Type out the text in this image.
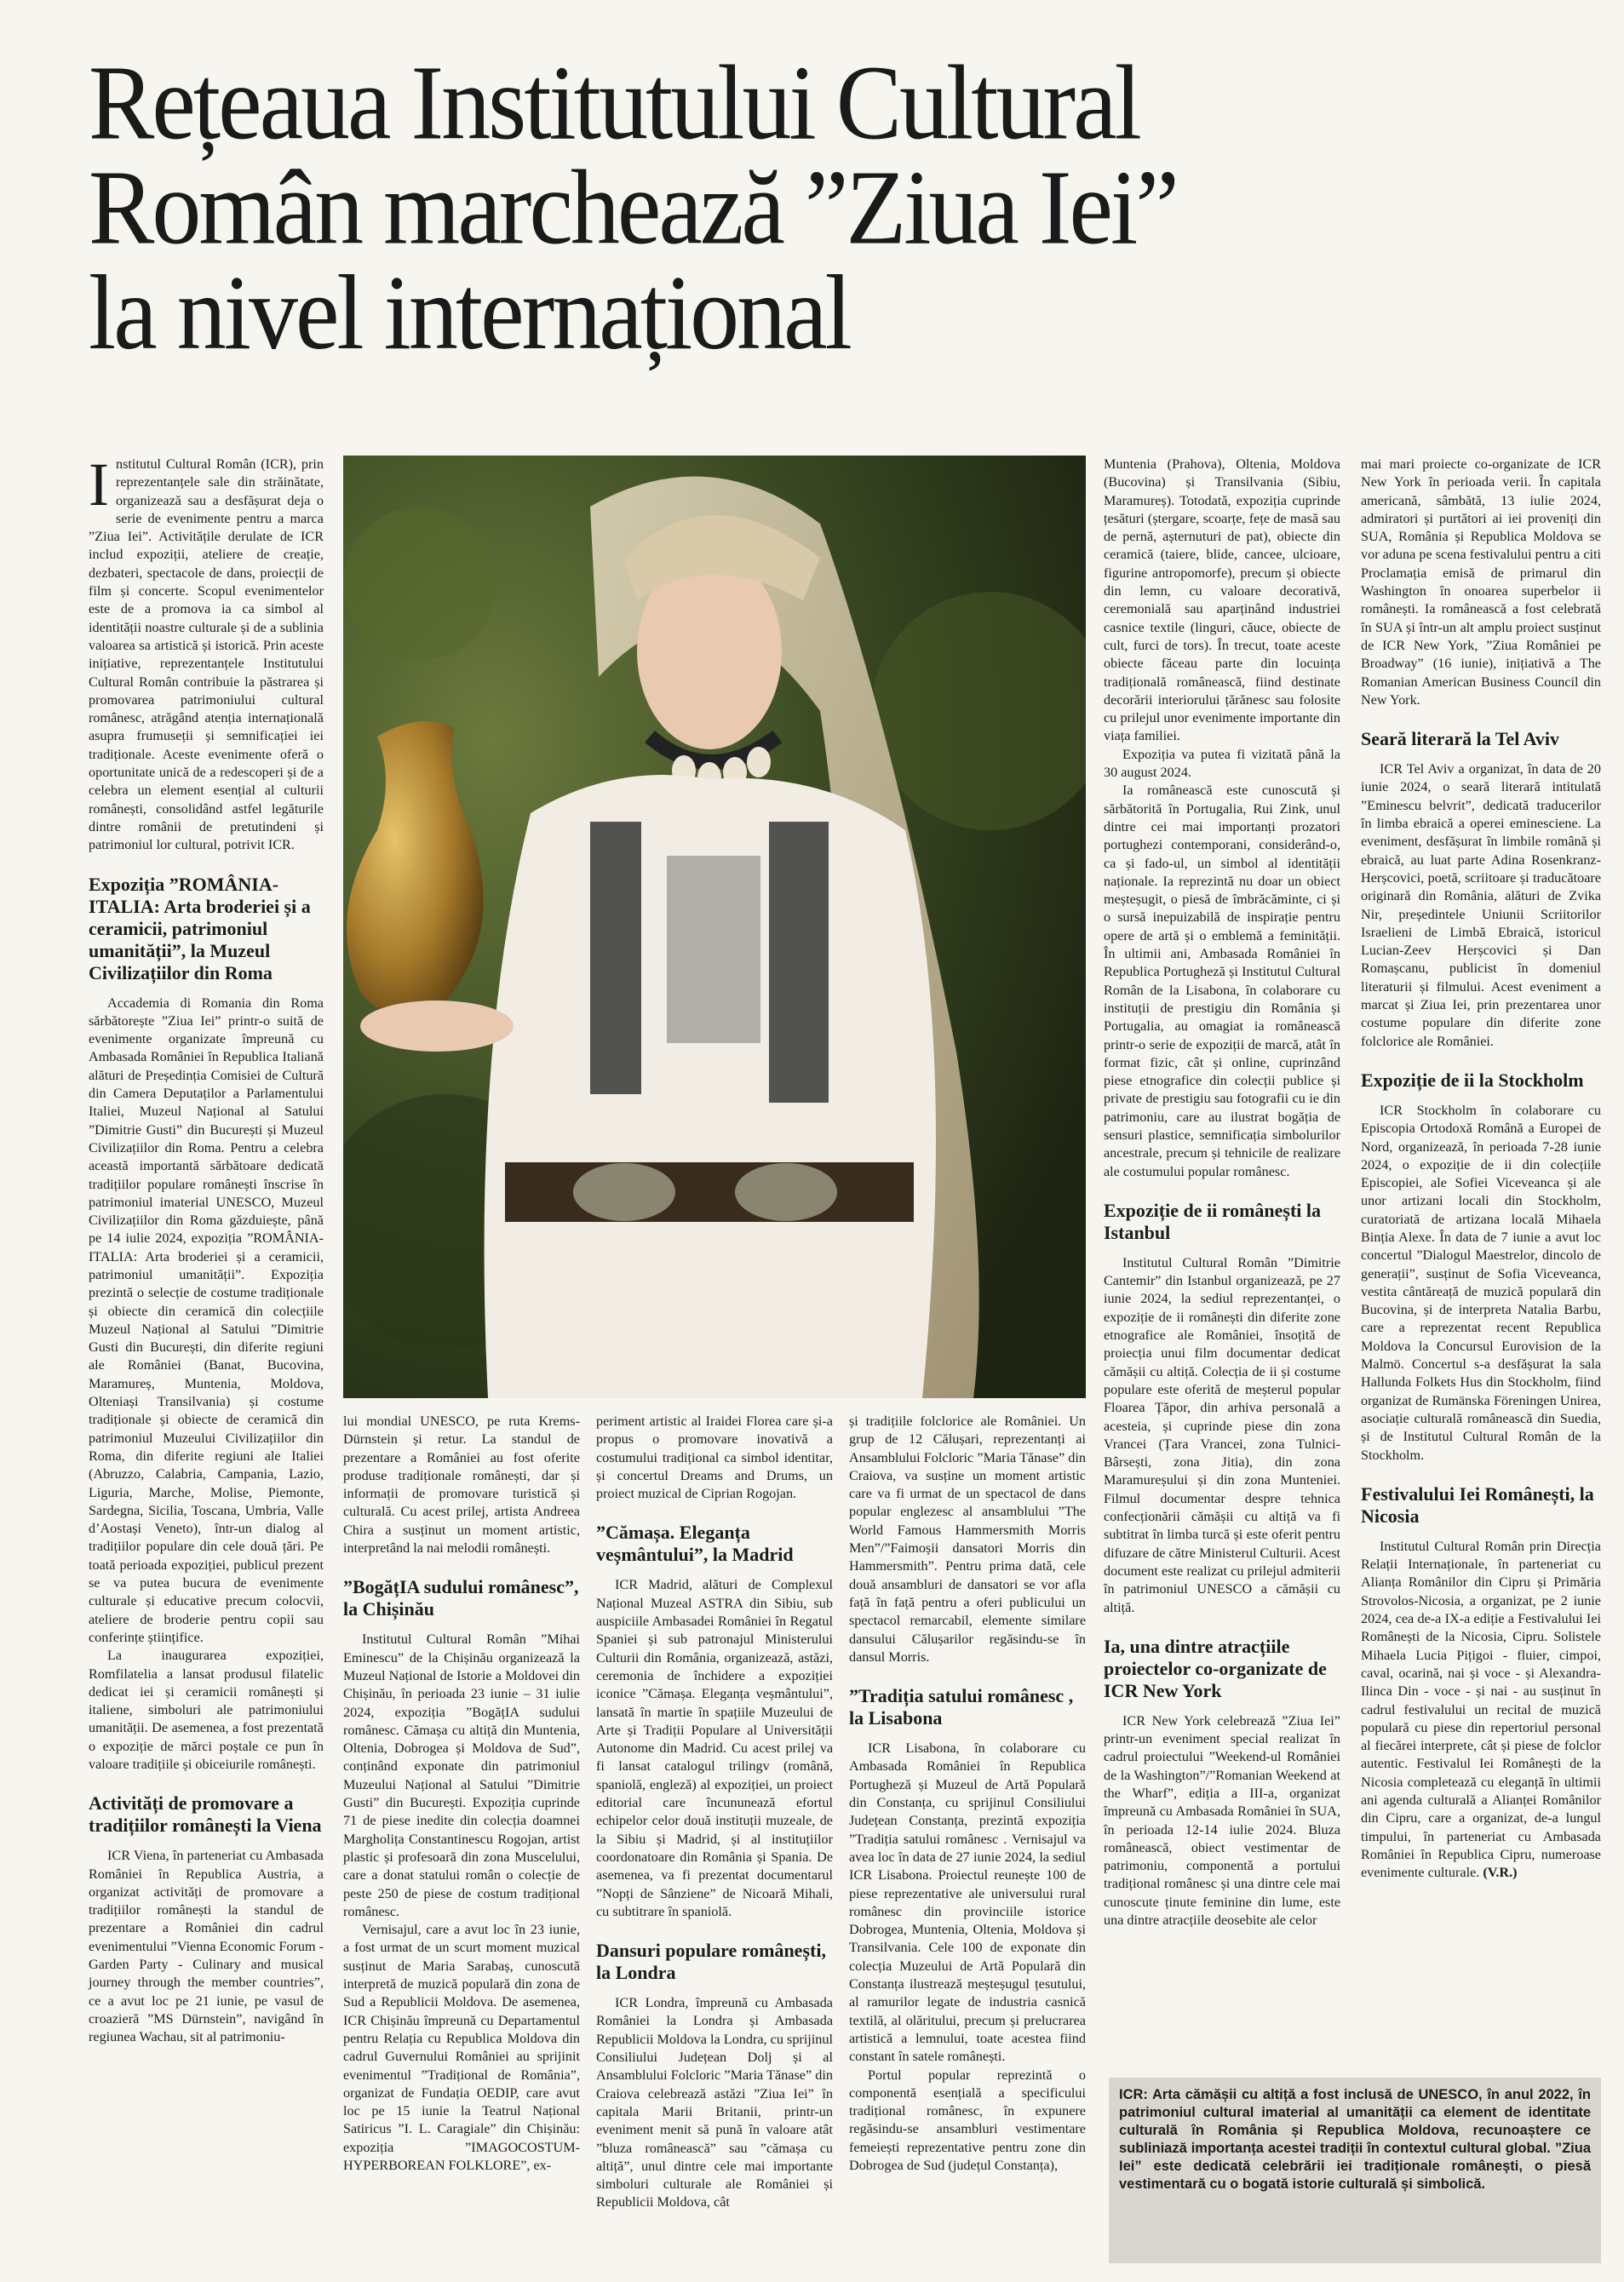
Rețeaua Institutului Cultural
Român marchează ”Ziua Iei”
la nivel internațional

Institutul Cultural Român (ICR), prin reprezentanțele sale din străinătate, organizează sau a desfășurat deja o serie de evenimente pentru a marca ”Ziua Iei”. Activitățile derulate de ICR includ expoziții, ateliere de creație, dezbateri, spectacole de dans, proiecții de film și concerte. Scopul evenimentelor este de a promova ia ca simbol al identității noastre culturale și de a sublinia valoarea sa artistică și istorică. Prin aceste inițiative, reprezentanțele Institutului Cultural Român contribuie la păstrarea și promovarea patrimoniului cultural românesc, atrăgând atenția internațională asupra frumuseții și semnificației iei tradiționale. Aceste evenimente oferă o oportunitate unică de a redescoperi și de a celebra un element esențial al culturii românești, consolidând astfel legăturile dintre românii de pretutindeni și patrimoniul lor cultural, potrivit ICR.

Expoziția ”ROMÂNIA-ITALIA: Arta broderiei și a ceramicii, patrimoniul umanității”, la Muzeul Civilizațiilor din Roma

Accademia di Romania din Roma sărbătorește ”Ziua Iei” printr-o suită de evenimente organizate împreună cu Ambasada României în Republica Italiană alături de Președinția Comisiei de Cultură din Camera Deputaților a Parlamentului Italiei, Muzeul Național al Satului ”Dimitrie Gusti” din București și Muzeul Civilizațiilor din Roma. Pentru a celebra această importantă sărbătoare dedicată tradițiilor populare românești înscrise în patrimoniul imaterial UNESCO, Muzeul Civilizațiilor din Roma găzduiește, până pe 14 iulie 2024, expoziția ”ROMÂNIA-ITALIA: Arta broderiei și a ceramicii, patrimoniul umanității”. Expoziția prezintă o selecție de costume tradiționale și obiecte din ceramică din colecțiile Muzeul Național al Satului ”Dimitrie Gusti din București, din diferite regiuni ale României (Banat, Bucovina, Maramureș, Muntenia, Moldova, Olteniași Transilvania) și costume tradiționale și obiecte de ceramică din patrimoniul Muzeului Civilizațiilor din Roma, din diferite regiuni ale Italiei (Abruzzo, Calabria, Campania, Lazio, Liguria, Marche, Molise, Piemonte, Sardegna, Sicilia, Toscana, Umbria, Valle d’Aostași Veneto), într-un dialog al tradițiilor populare din cele două țări. Pe toată perioada expoziției, publicul prezent se va putea bucura de evenimente culturale și educative precum colocvii, ateliere de broderie pentru copii sau conferințe științifice.

La inaugurarea expoziției, Romfilatelia a lansat produsul filatelic dedicat iei și ceramicii românești și italiene, simboluri ale patrimoniului umanității. De asemenea, a fost prezentată o expoziție de mărci poștale ce pun în valoare tradițiile și obiceiurile românești.

Activități de promovare a tradițiilor românești la Viena

ICR Viena, în parteneriat cu Ambasada României în Republica Austria, a organizat activități de promovare a tradițiilor românești la standul de prezentare a României din cadrul evenimentului ”Vienna Economic Forum - Garden Party - Culinary and musical journey through the member countries”, ce a avut loc pe 21 iunie, pe vasul de croazieră ”MS Dürnstein”, navigând în regiunea Wachau, sit al patrimoniu-

lui mondial UNESCO, pe ruta Krems-Dürnstein și retur. La standul de prezentare a României au fost oferite produse tradiționale românești, dar și informații de promovare turistică și culturală. Cu acest prilej, artista Andreea Chira a susținut un moment artistic, interpretând la nai melodii românești.

”BogățIA sudului românesc”, la Chișinău

Institutul Cultural Român ”Mihai Eminescu” de la Chișinău organizează la Muzeul Național de Istorie a Moldovei din Chișinău, în perioada 23 iunie – 31 iulie 2024, expoziția ”BogățIA sudului românesc. Cămașa cu altiță din Muntenia, Oltenia, Dobrogea și Moldova de Sud”, conținând exponate din patrimoniul Muzeului Național al Satului ”Dimitrie Gusti” din București. Expoziția cuprinde 71 de piese inedite din colecția doamnei Margholița Constantinescu Rogojan, artist plastic și profesoară din zona Muscelului, care a donat statului român o colecție de peste 250 de piese de costum tradițional românesc.

Vernisajul, care a avut loc în 23 iunie, a fost urmat de un scurt moment muzical susținut de Maria Sarabaș, cunoscută interpretă de muzică populară din zona de Sud a Republicii Moldova. De asemenea, ICR Chișinău împreună cu Departamentul pentru Relația cu Republica Moldova din cadrul Guvernului României au sprijinit evenimentul ”Tradițional de România”, organizat de Fundația OEDIP, care avut loc pe 15 iunie la Teatrul Național Satiricus ”I. L. Caragiale” din Chișinău: expoziția ”IMAGOCOSTUM-HYPERBOREAN FOLKLORE”, ex-

periment artistic al Iraidei Florea care și-a propus o promovare inovativă a costumului tradițional ca simbol identitar, și concertul Dreams and Drums, un proiect muzical de Ciprian Rogojan.

”Cămașa. Eleganța veșmântului”, la Madrid

ICR Madrid, alături de Complexul Național Muzeal ASTRA din Sibiu, sub auspiciile Ambasadei României în Regatul Spaniei și sub patronajul Ministerului Culturii din România, organizează, astăzi, ceremonia de închidere a expoziției iconice ”Cămașa. Eleganța veșmântului”, lansată în martie în spațiile Muzeului de Arte și Tradiții Populare al Universității Autonome din Madrid. Cu acest prilej va fi lansat catalogul trilingv (română, spaniolă, engleză) al expoziției, un proiect editorial care încununează efortul echipelor celor două instituții muzeale, de la Sibiu și Madrid, și al instituțiilor coordonatoare din România și Spania. De asemenea, va fi prezentat documentarul ”Nopți de Sânziene” de Nicoară Mihali, cu subtitrare în spaniolă.

Dansuri populare românești, la Londra

ICR Londra, împreună cu Ambasada României la Londra și Ambasada Republicii Moldova la Londra, cu sprijinul Consiliului Județean Dolj și al Ansamblului Folcloric ”Maria Tănase” din Craiova celebrează astăzi ”Ziua Iei” în capitala Marii Britanii, printr-un eveniment menit să pună în valoare atât ”bluza românească” sau ”cămașa cu altiță”, unul dintre cele mai importante simboluri culturale ale României și Republicii Moldova, cât

și tradițiile folclorice ale României. Un grup de 12 Călușari, reprezentanți ai Ansamblului Folcloric ”Maria Tănase” din Craiova, va susține un moment artistic care va fi urmat de un spectacol de dans popular englezesc al ansamblului ”The World Famous Hammersmith Morris Men”/”Faimoșii dansatori Morris din Hammersmith”. Pentru prima dată, cele două ansambluri de dansatori se vor afla față în față pentru a oferi publicului un spectacol remarcabil, elemente similare dansului Călușarilor regăsindu-se în dansul Morris.

”Tradiția satului românesc , la Lisabona

ICR Lisabona, în colaborare cu Ambasada României în Republica Portugheză și Muzeul de Artă Populară din Constanța, cu sprijinul Consiliului Județean Constanța, prezintă expoziția ”Tradiția satului românesc . Vernisajul va avea loc în data de 27 iunie 2024, la sediul ICR Lisabona. Proiectul reunește 100 de piese reprezentative ale universului rural românesc din provinciile istorice Dobrogea, Muntenia, Oltenia, Moldova și Transilvania. Cele 100 de exponate din colecția Muzeului de Artă Populară din Constanța ilustrează meșteșugul țesutului, al ramurilor legate de industria casnică textilă, al olăritului, precum și prelucrarea artistică a lemnului, toate acestea fiind constant în satele românești.

Portul popular reprezintă o componentă esențială a specificului tradițional românesc, în expunere regăsindu-se ansambluri vestimentare femeiești reprezentative pentru zone din Dobrogea de Sud (județul Constanța),

Muntenia (Prahova), Oltenia, Moldova (Bucovina) și Transilvania (Sibiu, Maramureș). Totodată, expoziția cuprinde țesături (ștergare, scoarțe, fețe de masă sau de pernă, așternuturi de pat), obiecte din ceramică (taiere, blide, cancee, ulcioare, figurine antropomorfe), precum și obiecte din lemn, cu valoare decorativă, ceremonială sau aparținând industriei casnice textile (linguri, căuce, obiecte de cult, furci de tors). În trecut, toate aceste obiecte făceau parte din locuința tradițională românească, fiind destinate decorării interiorului țărănesc sau folosite cu prilejul unor evenimente importante din viața familiei.

Expoziția va putea fi vizitată până la 30 august 2024.

Ia românească este cunoscută și sărbătorită în Portugalia, Rui Zink, unul dintre cei mai importanți prozatori portughezi contemporani, considerând-o, ca și fado-ul, un simbol al identității naționale. Ia reprezintă nu doar un obiect meșteșugit, o piesă de îmbrăcăminte, ci și o sursă inepuizabilă de inspirație pentru opere de artă și o emblemă a feminității. În ultimii ani, Ambasada României în Republica Portugheză și Institutul Cultural Român de la Lisabona, în colaborare cu instituții de prestigiu din România și Portugalia, au omagiat ia românească printr-o serie de expoziții de marcă, atât în format fizic, cât și online, cuprinzând piese etnografice din colecții publice și private de prestigiu sau fotografii cu ie din patrimoniu, care au ilustrat bogăția de sensuri plastice, semnificația simbolurilor ancestrale, precum și tehnicile de realizare ale costumului popular românesc.

Expoziție de ii românești la Istanbul

Institutul Cultural Român ”Dimitrie Cantemir” din Istanbul organizează, pe 27 iunie 2024, la sediul reprezentanței, o expoziție de ii românești din diferite zone etnografice ale României, însoțită de proiecția unui film documentar dedicat cămășii cu altiță. Colecția de ii și costume populare este oferită de meșterul popular Floarea Țăpor, din arhiva personală a acesteia, și cuprinde piese din zona Vrancei (Țara Vrancei, zona Tulnici-Bârsești, zona Jitia), din zona Maramureșului și din zona Munteniei. Filmul documentar despre tehnica confecționării cămășii cu altiță va fi subtitrat în limba turcă și este oferit pentru difuzare de către Ministerul Culturii. Acest document este realizat cu prilejul admiterii în patrimoniul UNESCO a cămășii cu altiță.

Ia, una dintre atracțiile proiectelor co-organizate de ICR New York

ICR New York celebrează ”Ziua Iei” printr-un eveniment special realizat în cadrul proiectului ”Weekend-ul României de la Washington”/”Romanian Weekend at the Wharf”, ediția a III-a, organizat împreună cu Ambasada României în SUA, în perioada 12-14 iulie 2024. Bluza românească, obiect vestimentar de patrimoniu, componentă a portului tradițional românesc și una dintre cele mai cunoscute ținute feminine din lume, este una dintre atracțiile deosebite ale celor

mai mari proiecte co-organizate de ICR New York în perioada verii. În capitala americană, sâmbătă, 13 iulie 2024, admiratori și purtători ai iei proveniți din SUA, România și Republica Moldova se vor aduna pe scena festivalului pentru a citi Proclamația emisă de primarul din Washington în onoarea superbelor ii românești. Ia românească a fost celebrată în SUA și într-un alt amplu proiect susținut de ICR New York, ”Ziua României pe Broadway” (16 iunie), inițiativă a The Romanian American Business Council din New York.

Seară literară la Tel Aviv

ICR Tel Aviv a organizat, în data de 20 iunie 2024, o seară literară intitulată ”Eminescu belvrit”, dedicată traducerilor în limba ebraică a operei eminesciene. La eveniment, desfășurat în limbile română și ebraică, au luat parte Adina Rosenkranz-Herșcovici, poetă, scriitoare și traducătoare originară din România, alături de Zvika Nir, președintele Uniunii Scriitorilor Israelieni de Limbă Ebraică, istoricul Lucian-Zeev Herșcovici și Dan Romașcanu, publicist în domeniul literaturii și filmului. Acest eveniment a marcat și Ziua Iei, prin prezentarea unor costume populare din diferite zone folclorice ale României.

Expoziție de ii la Stockholm

ICR Stockholm în colaborare cu Episcopia Ortodoxă Română a Europei de Nord, organizează, în perioada 7-28 iunie 2024, o expoziție de ii din colecțiile Episcopiei, ale Sofiei Viceveanca și ale unor artizani locali din Stockholm, curatoriată de artizana locală Mihaela Binția Alexe. În data de 7 iunie a avut loc concertul ”Dialogul Maestrelor, dincolo de generații”, susținut de Sofia Viceveanca, vestita cântăreață de muzică populară din Bucovina, și de interpreta Natalia Barbu, care a reprezentat recent Republica Moldova la Concursul Eurovision de la Malmö. Concertul s-a desfășurat la sala Hallunda Folkets Hus din Stockholm, fiind organizat de Rumänska Föreningen Unirea, asociație culturală românească din Suedia, și de Institutul Cultural Român de la Stockholm.

Festivalului Iei Românești, la Nicosia

Institutul Cultural Român prin Direcția Relații Internaționale, în parteneriat cu Alianța Românilor din Cipru și Primăria Strovolos-Nicosia, a organizat, pe 2 iunie 2024, cea de-a IX-a ediție a Festivalului Iei Românești de la Nicosia, Cipru. Solistele Mihaela Lucia Pițigoi - fluier, cimpoi, caval, ocarină, nai și voce - și Alexandra-Ilinca Din - voce - și nai - au susținut în cadrul festivalului un recital de muzică populară cu piese din repertoriul personal al fiecărei interprete, cât și piese de folclor autentic. Festivalul Iei Românești de la Nicosia completează cu eleganță în ultimii ani agenda culturală a Alianței Românilor din Cipru, care a organizat, de-a lungul timpului, în parteneriat cu Ambasada României în Republica Cipru, numeroase evenimente culturale. (V.R.)

ICR: Arta cămășii cu altiță a fost inclusă de UNESCO, în anul 2022, în patrimoniul cultural imaterial al umanității ca element de identitate culturală în România și Republica Moldova, recunoaștere ce subliniază importanța acestei tradiții în contextul cultural global. ”Ziua Iei” este dedicată celebrării iei tradiționale românești, o piesă vestimentară cu o bogată istorie culturală și simbolică.
